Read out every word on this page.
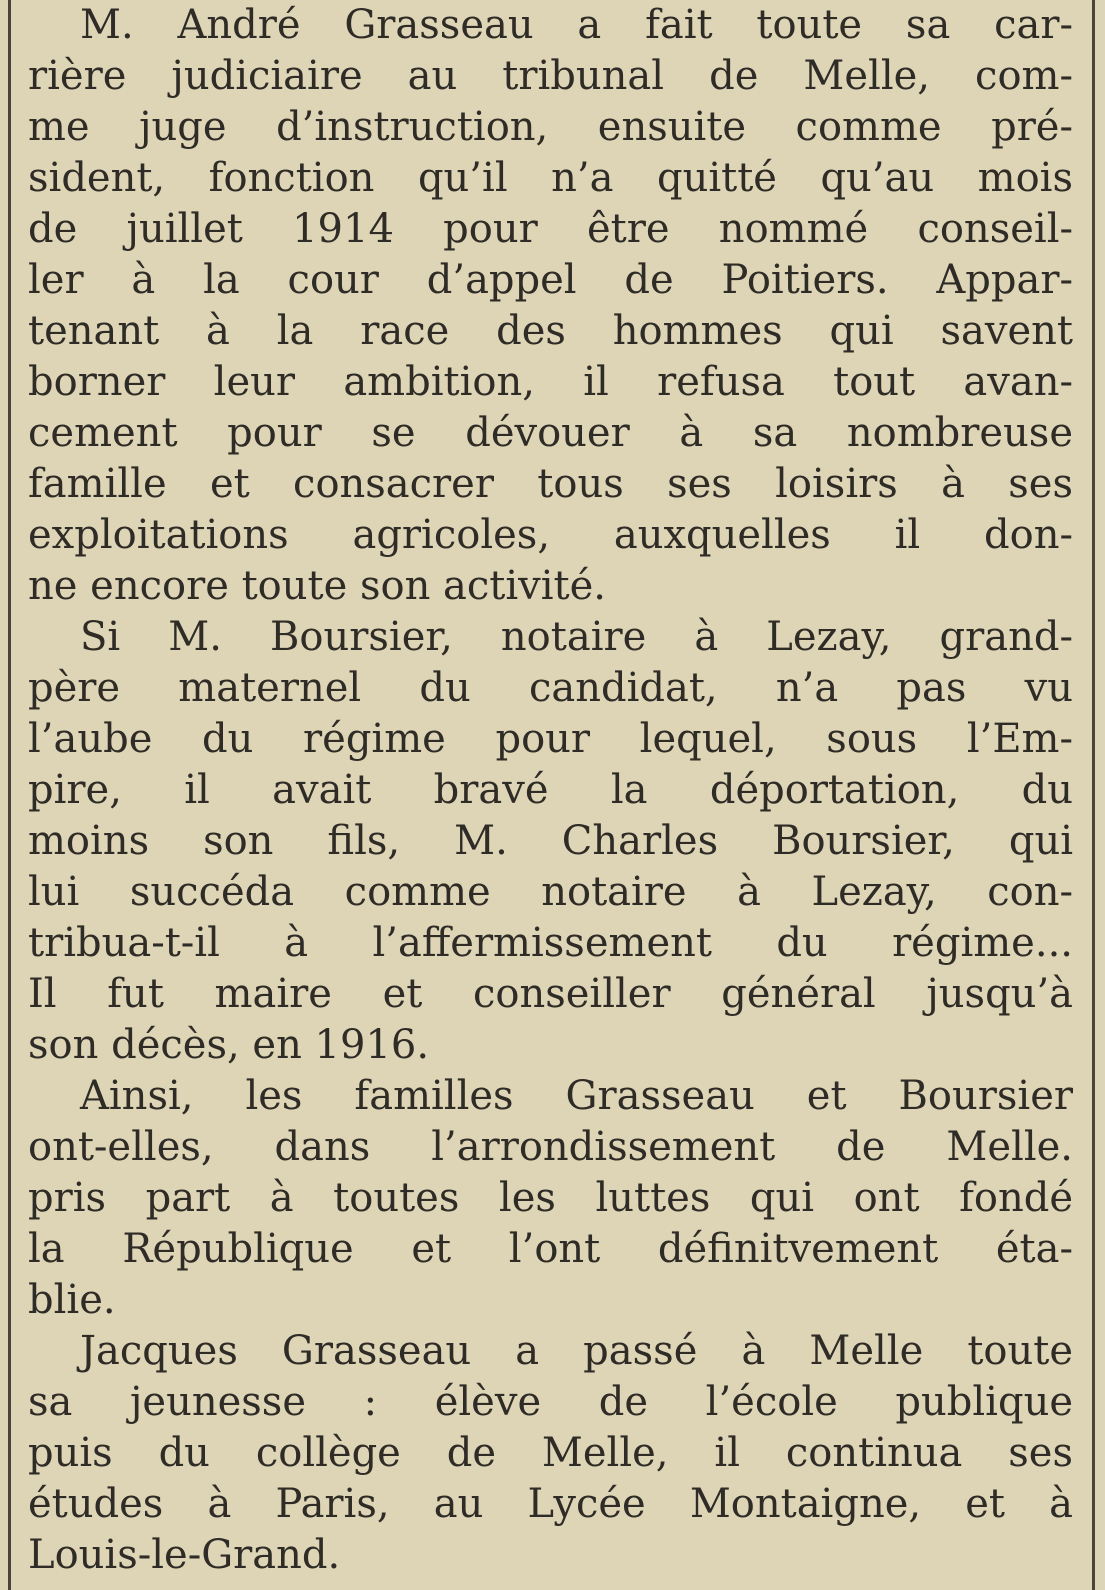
M. André Grasseau a fait toute sa car-
rière judiciaire au tribunal de Melle, com-
me juge d’instruction, ensuite comme pré-
sident, fonction qu’il n’a quitté qu’au mois
de juillet 1914 pour être nommé conseil-
ler à la cour d’appel de Poitiers. Appar-
tenant à la race des hommes qui savent
borner leur ambition, il refusa tout avan-
cement pour se dévouer à sa nombreuse
famille et consacrer tous ses loisirs à ses
exploitations agricoles, auxquelles il don-
ne encore toute son activité.
Si M. Boursier, notaire à Lezay, grand-
père maternel du candidat, n’a pas vu
l’aube du régime pour lequel, sous l’Em-
pire, il avait bravé la déportation, du
moins son fils, M. Charles Boursier, qui
lui succéda comme notaire à Lezay, con-
tribua-t-il à l’affermissement du régime...
Il fut maire et conseiller général jusqu’à
son décès, en 1916.
Ainsi, les familles Grasseau et Boursier
ont-elles, dans l’arrondissement de Melle.
pris part à toutes les luttes qui ont fondé
la République et l’ont définitvement éta-
blie.
Jacques Grasseau a passé à Melle toute
sa jeunesse : élève de l’école publique
puis du collège de Melle, il continua ses
études à Paris, au Lycée Montaigne, et à
Louis-le-Grand.
